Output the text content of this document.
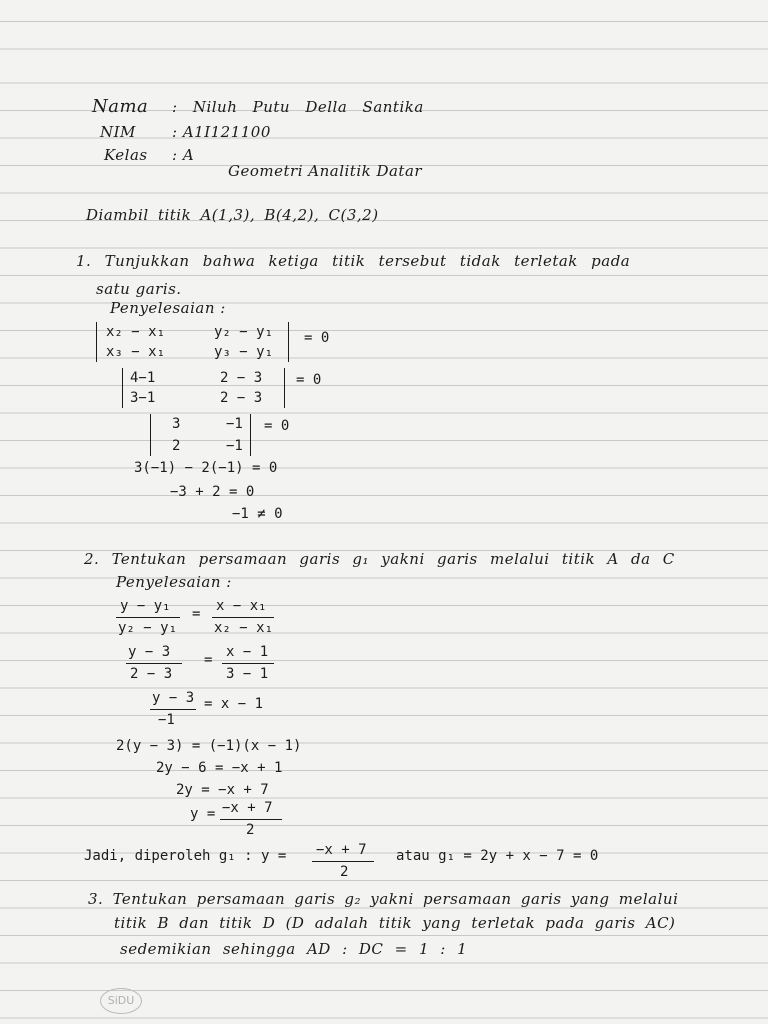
Nama : Niluh Putu Della Santika
NIM : A1I121100
Kelas : A
Geometri Analitik Datar
Diambil titik A(1,3), B(4,2), C(3,2)
1. Tunjukkan bahwa ketiga titik tersebut tidak terletak pada
satu garis.
Penyelesaian :
x₂ − x₁	y₂ − y₁
x₃ − x₁	y₃ − y₁
= 0
4−1	2 − 3
3−1	2 − 3
= 0
3	−1
2	−1
= 0
3(−1) − 2(−1) = 0
−3 + 2 = 0
−1 ≠ 0
2. Tentukan persamaan garis g₁ yakni garis melalui titik A da C
Penyelesaian :
y − y₁
y₂ − y₁
= x − x₁
x₂ − x₁
y − 3
2 − 3
= x − 1
3 − 1
y − 3
−1
= x − 1
2(y − 3) = (−1)(x − 1)
2y − 6 = −x + 1
2y = −x + 7
y = −x + 7
2
Jadi, diperoleh g₁ : y = −x + 7
2
atau g₁ = 2y + x − 7 = 0
3. Tentukan persamaan garis g₂ yakni persamaan garis yang melalui
titik B dan titik D (D adalah titik yang terletak pada garis AC)
sedemikian sehingga AD : DC = 1 : 1
SiDU
